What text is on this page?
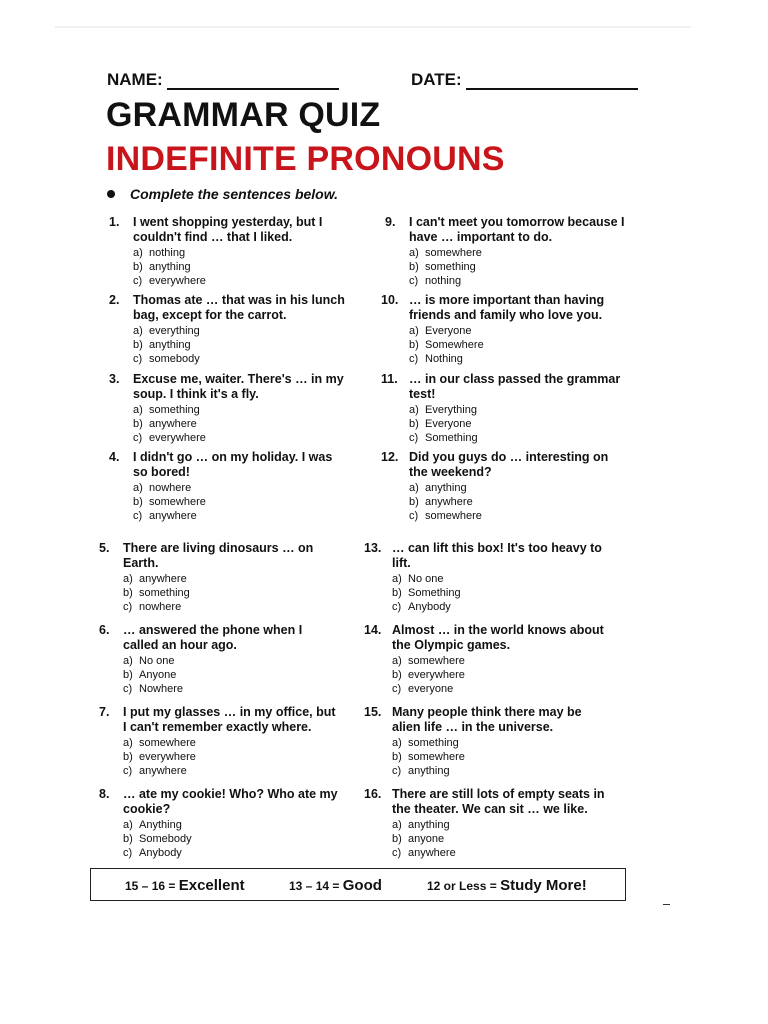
NAME:	DATE:
GRAMMAR QUIZ
INDEFINITE PRONOUNS
Complete the sentences below.
1. I went shopping yesterday, but I couldn't find … that I liked.
a) nothing
b) anything
c) everywhere
2. Thomas ate … that was in his lunch bag, except for the carrot.
a) everything
b) anything
c) somebody
3. Excuse me, waiter. There's … in my soup. I think it's a fly.
a) something
b) anywhere
c) everywhere
4. I didn't go … on my holiday. I was so bored!
a) nowhere
b) somewhere
c) anywhere
9. I can't meet you tomorrow because I have … important to do.
a) somewhere
b) something
c) nothing
10. … is more important than having friends and family who love you.
a) Everyone
b) Somewhere
c) Nothing
11. … in our class passed the grammar test!
a) Everything
b) Everyone
c) Something
12. Did you guys do … interesting on the weekend?
a) anything
b) anywhere
c) somewhere
5. There are living dinosaurs … on Earth.
a) anywhere
b) something
c) nowhere
6. … answered the phone when I called an hour ago.
a) No one
b) Anyone
c) Nowhere
7. I put my glasses … in my office, but I can't remember exactly where.
a) somewhere
b) everywhere
c) anywhere
8. … ate my cookie! Who? Who ate my cookie?
a) Anything
b) Somebody
c) Anybody
13. … can lift this box! It's too heavy to lift.
a) No one
b) Something
c) Anybody
14. Almost … in the world knows about the Olympic games.
a) somewhere
b) everywhere
c) everyone
15. Many people think there may be alien life … in the universe.
a) something
b) somewhere
c) anything
16. There are still lots of empty seats in the theater. We can sit … we like.
a) anything
b) anyone
c) anywhere
15 – 16 = Excellent	13 – 14 = Good	12 or Less = Study More!
